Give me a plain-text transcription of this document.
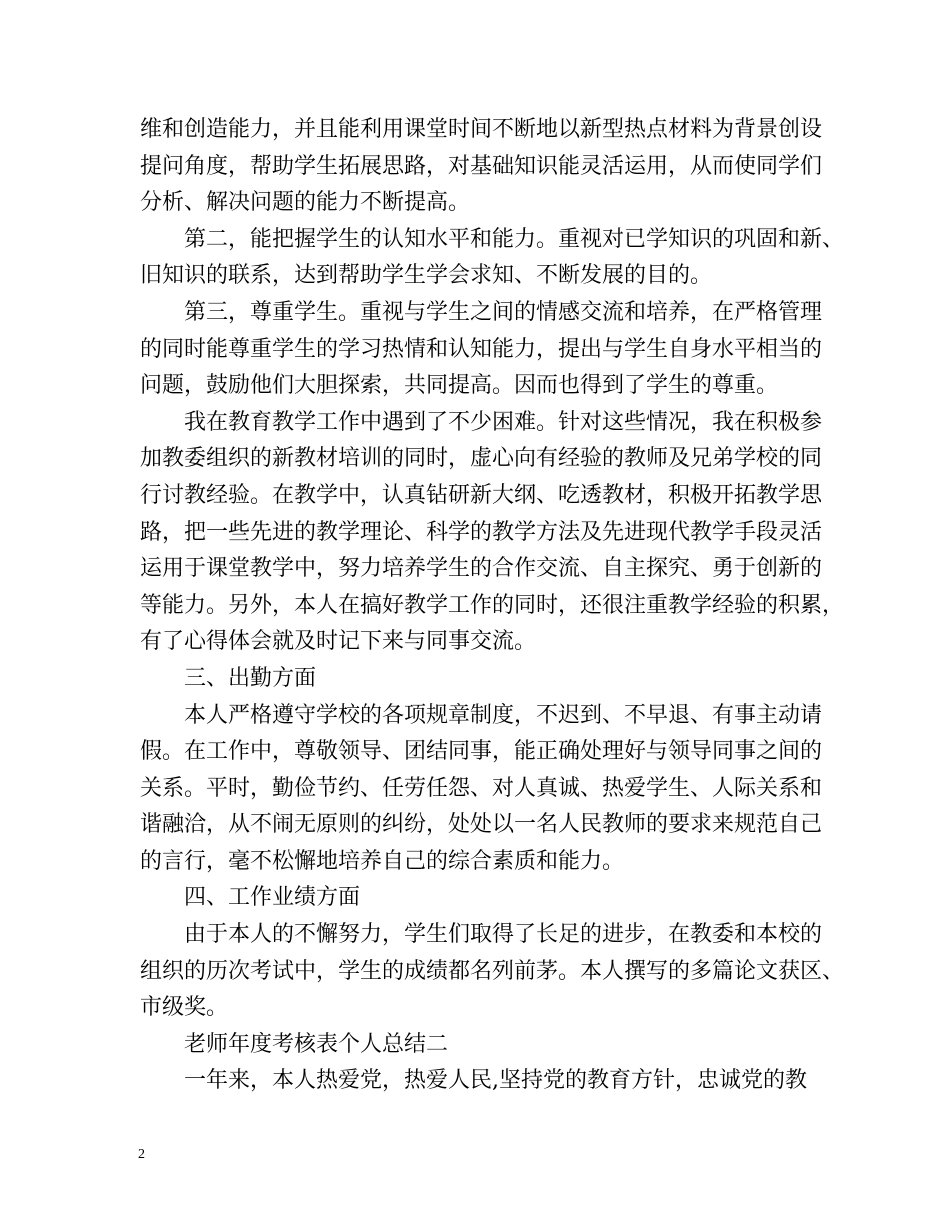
维和创造能力，并且能利用课堂时间不断地以新型热点材料为背景创设
提问角度，帮助学生拓展思路，对基础知识能灵活运用，从而使同学们
分析、解决问题的能力不断提高。
第二，能把握学生的认知水平和能力。重视对已学知识的巩固和新、
旧知识的联系，达到帮助学生学会求知、不断发展的目的。
第三，尊重学生。重视与学生之间的情感交流和培养，在严格管理
的同时能尊重学生的学习热情和认知能力，提出与学生自身水平相当的
问题，鼓励他们大胆探索，共同提高。因而也得到了学生的尊重。
我在教育教学工作中遇到了不少困难。针对这些情况，我在积极参
加教委组织的新教材培训的同时，虚心向有经验的教师及兄弟学校的同
行讨教经验。在教学中，认真钻研新大纲、吃透教材，积极开拓教学思
路，把一些先进的教学理论、科学的教学方法及先进现代教学手段灵活
运用于课堂教学中，努力培养学生的合作交流、自主探究、勇于创新的
等能力。另外，本人在搞好教学工作的同时，还很注重教学经验的积累，
有了心得体会就及时记下来与同事交流。
三、出勤方面
本人严格遵守学校的各项规章制度，不迟到、不早退、有事主动请
假。在工作中，尊敬领导、团结同事，能正确处理好与领导同事之间的
关系。平时，勤俭节约、任劳任怨、对人真诚、热爱学生、人际关系和
谐融洽，从不闹无原则的纠纷，处处以一名人民教师的要求来规范自己
的言行，毫不松懈地培养自己的综合素质和能力。
四、工作业绩方面
由于本人的不懈努力，学生们取得了长足的进步，在教委和本校的
组织的历次考试中，学生的成绩都名列前茅。本人撰写的多篇论文获区、
市级奖。
老师年度考核表个人总结二
一年来，本人热爱党，热爱人民,坚持党的教育方针，忠诚党的教
2
